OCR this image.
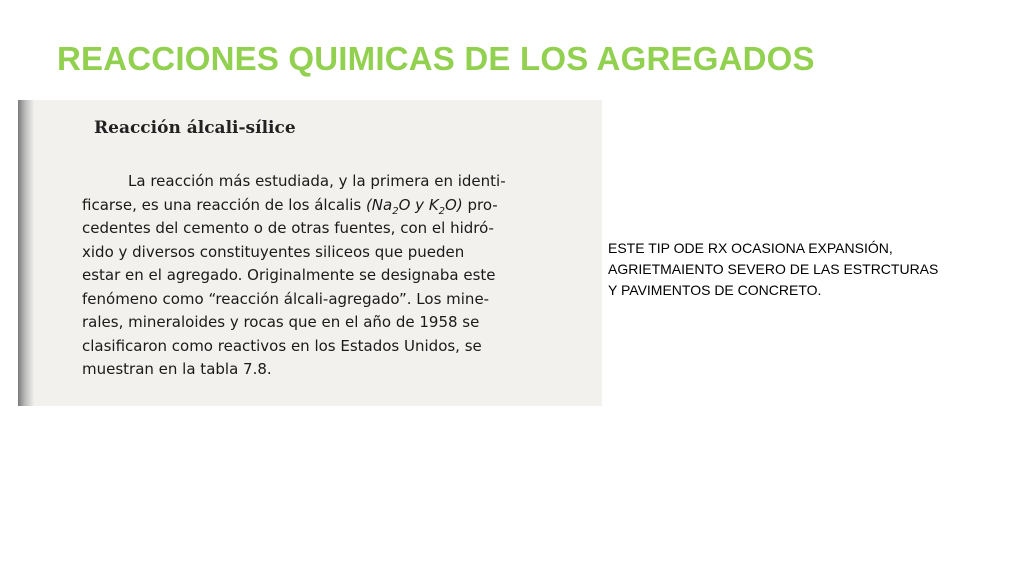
REACCIONES QUIMICAS DE LOS AGREGADOS
Reacción álcali-sílice

La reacción más estudiada, y la primera en identi-
ficarse, es una reacción de los álcalis ($Na_2O$ y $K_2O$) pro-
cedentes del cemento o de otras fuentes, con el hidró-
xido y diversos constituyentes siliceos que pueden
estar en el agregado. Originalmente se designaba este
fenómeno como “reacción álcali-agregado”. Los mine-
rales, mineraloides y rocas que en el año de 1958 se
clasificaron como reactivos en los Estados Unidos, se
muestran en la tabla 7.8.

ESTE TIP ODE RX OCASIONA EXPANSIÓN,
AGRIETMAIENTO SEVERO DE LAS ESTRCTURAS
Y PAVIMENTOS DE CONCRETO.
